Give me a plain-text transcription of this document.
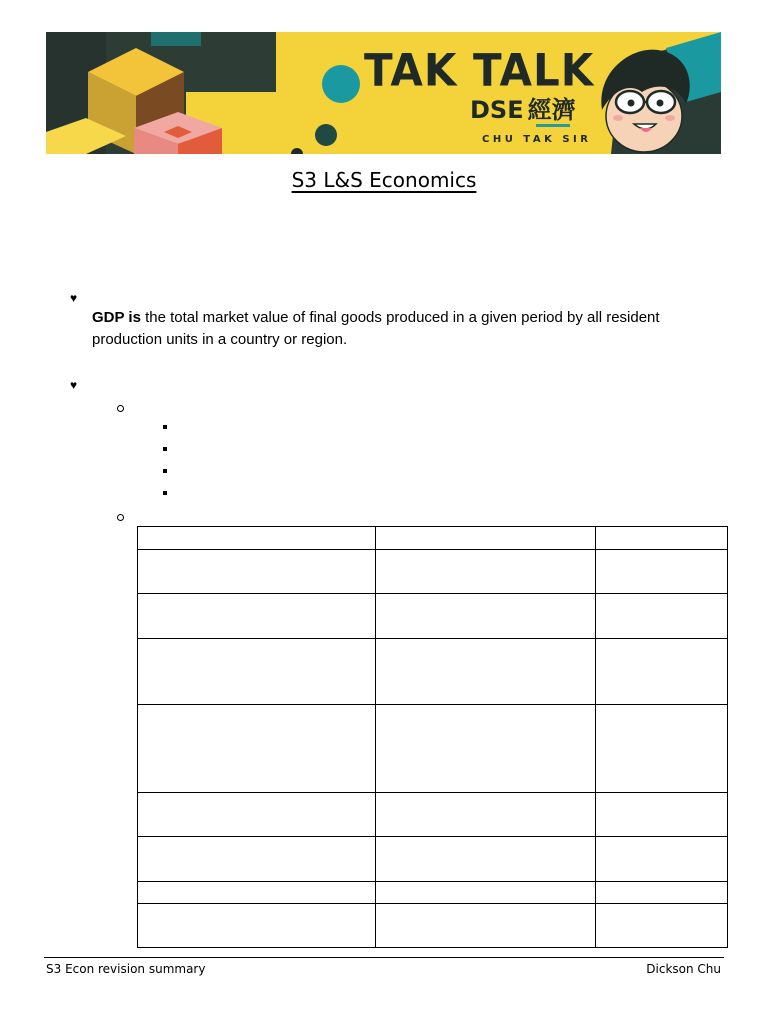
TAK TALK
DSE 經濟
CHU TAK SIR
S3 L&S Economics
♥
GDP is the total market value of final goods produced in a given period by all resident production units in a country or region.
♥

S3 Econ revision summary	Dickson Chu
